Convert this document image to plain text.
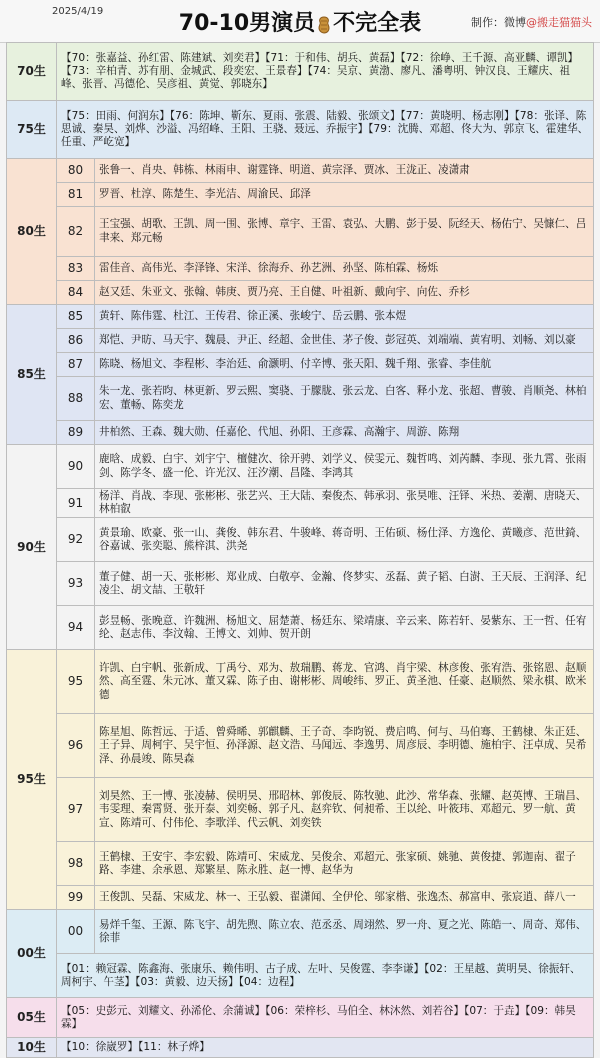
2025/4/19	70-10男演员 不完全表	制作：微博@搬走猫猫头
70生	【70：张嘉益、孙红雷、陈建斌、刘奕君】【71：于和伟、胡兵、黄磊】【72：徐峥、王千源、高亚麟、谭凯】【73：辛柏青、苏有朋、金城武、段奕宏、王景春】【74：吴京、黄渤、廖凡、潘粤明、钟汉良、王耀庆、祖峰、张晋、冯德伦、吴彦祖、黄觉、郭晓东】	
75生	【75：田雨、何润东】【76：陈坤、靳东、夏雨、张震、陆毅、张颂文】【77：黄晓明、杨志刚】【78：张译、陈思诚、秦昊、刘烨、沙溢、冯绍峰、王阳、王骁、聂远、乔振宇】【79：沈腾、邓超、佟大为、郭京飞、霍建华、任重、严屹宽】	
80生	80	张鲁一、肖央、韩栋、林雨申、谢霆锋、明道、黄宗泽、贾冰、王泷正、凌潇肃
	81	罗晋、杜淳、陈楚生、李光洁、周渝民、邱泽
	82	王宝强、胡歌、王凯、周一围、张博、章宇、王雷、袁弘、大鹏、彭于晏、阮经天、杨佑宁、吴慷仁、吕聿来、郑元畅
	83	雷佳音、高伟光、李泽锋、宋洋、徐海乔、孙艺洲、孙坚、陈柏霖、杨烁
	84	赵又廷、朱亚文、张翰、韩庚、贾乃亮、王自健、叶祖新、戴向宇、向佐、乔杉
85生	85	黄轩、陈伟霆、杜江、王传君、徐正溪、张峻宁、岳云鹏、张本煜
	86	郑恺、尹昉、马天宇、魏晨、尹正、经超、金世佳、茅子俊、彭冠英、刘端端、黄宥明、刘畅、刘以豪
	87	陈晓、杨旭文、李程彬、李治廷、俞灏明、付辛博、张天阳、魏千翔、张睿、李佳航
	88	朱一龙、张若昀、林更新、罗云熙、窦骁、于朦胧、张云龙、白客、释小龙、张超、曹骏、肖顺尧、林柏宏、董畅、陈奕龙
	89	井柏然、王森、魏大勋、任嘉伦、代旭、孙阳、王彦霖、高瀚宇、周游、陈翔
90生	90	鹿晗、成毅、白宇、刘宇宁、檀健次、徐开骋、刘学义、侯雯元、魏哲鸣、刘芮麟、李现、张九霄、张雨剑、陈学冬、盛一伦、许光汉、汪汐潮、昌隆、李鸿其
	91	杨洋、肖战、李现、张彬彬、张艺兴、王大陆、秦俊杰、韩承羽、张昊唯、汪铎、米热、姜潮、唐晓天、林柏叡
	92	黄景瑜、欧豪、张一山、龚俊、韩东君、牛骏峰、蒋奇明、王佑硕、杨仕泽、方逸伦、黄曦彦、范世錡、谷嘉诚、张奕聪、熊梓淇、洪尧
	93	董子健、胡一天、张彬彬、郑业成、白敬亭、金瀚、佟梦实、丞磊、黄子韬、白澍、王天辰、王润泽、纪凌尘、胡文喆、王敬轩
	94	彭昱畅、张晚意、许魏洲、杨旭文、屈楚萧、杨廷东、梁靖康、辛云来、陈若轩、晏紫东、王一哲、任宥纶、赵志伟、李汶翰、王博文、刘帅、贺开朗
95生	95	许凯、白宇帆、张新成、丁禹兮、邓为、敖瑞鹏、蒋龙、官鸿、肖宇梁、林彦俊、张宥浩、张铭恩、赵顺然、高至霆、朱元冰、董又霖、陈子由、谢彬彬、周峻纬、罗正、黄圣池、任豪、赵顺然、梁永棋、欧米德
	96	陈星旭、陈哲远、于适、曾舜晞、郭麒麟、王子奇、李昀锐、费启鸣、何与、马伯骞、王鹤棣、朱正廷、王子异、周柯宇、吴宇恒、孙泽源、赵文浩、马闻远、李逸男、周彦辰、李明德、施柏宇、汪卓成、吴希泽、孙晨竣、陈昊森
	97	刘昊然、王一博、张凌赫、侯明昊、邢昭林、郭俊辰、陈牧驰、此沙、常华森、张耀、赵英博、王瑞昌、韦雯理、秦霄贤、张开泰、刘奕畅、郭子凡、赵弈钦、何昶希、王以纶、叶筱玮、邓超元、罗一航、黄宣、陈靖可、付伟伦、李歌洋、代云帆、刘奕铁
	98	王鹤棣、王安宇、李宏毅、陈靖可、宋威龙、吴俊余、邓超元、张家硕、姚驰、黄俊捷、郭迦南、翟子路、李建、余承恩、郑繁星、陈永胜、赵一博、赵华为
	99	王俊凯、吴磊、宋威龙、林一、王弘毅、翟潇闻、全伊伦、邬家楷、张逸杰、郝富申、张宸逍、薛八一
00生	00	易烊千玺、王源、陈飞宇、胡先煦、陈立农、范丞丞、周翊然、罗一舟、夏之光、陈皓一、周奇、郑伟、徐菲
	【01：赖冠霖、陈鑫海、张康乐、赖伟明、古子成、左叶、吴俊霆、李李谦】【02：王星越、黄明昊、徐振轩、周柯宇、午茎】【03：黄毅、边天扬】【04：边程】	
05生	【05：史彭元、刘耀文、孙浠伦、余蒲诚】【06：荣梓杉、马伯全、林沐然、刘若谷】【07：于垚】【09：韩昊霖】	
10生	【10：徐崴罗】【11：林子烨】	
